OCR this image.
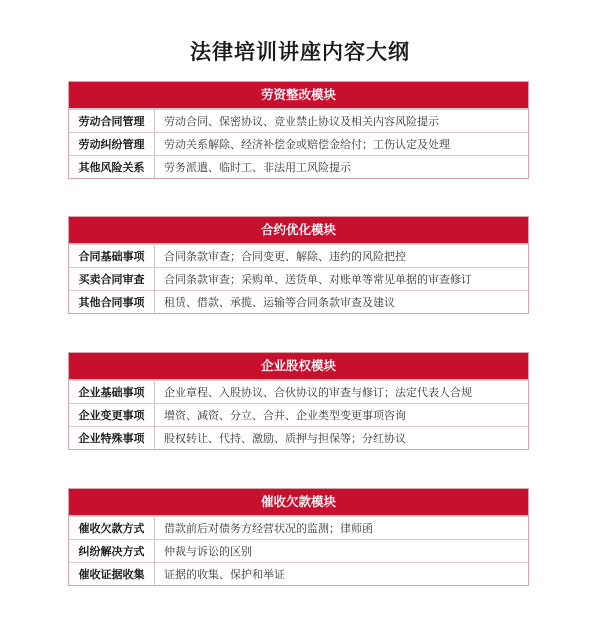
法律培训讲座内容大纲
劳资整改模块
劳动合同管理	劳动合同、保密协议、竞业禁止协议及相关内容风险提示
劳动纠纷管理	劳动关系解除、经济补偿金或赔偿金给付；工伤认定及处理
其他风险关系	劳务派遣、临时工、非法用工风险提示
合约优化模块
合同基础事项	合同条款审查；合同变更、解除、违约的风险把控
买卖合同审查	合同条款审查；采购单、送货单、对账单等常见单据的审查修订
其他合同事项	租赁、借款、承揽、运输等合同条款审查及建议
企业股权模块
企业基础事项	企业章程、入股协议、合伙协议的审查与修订；法定代表人合规
企业变更事项	增资、减资、分立、合并、企业类型变更事项咨询
企业特殊事项	股权转让、代持、激励、质押与担保等；分红协议
催收欠款模块
催收欠款方式	借款前后对债务方经营状况的监测；律师函
纠纷解决方式	仲裁与诉讼的区别
催收证据收集	证据的收集、保护和举证
